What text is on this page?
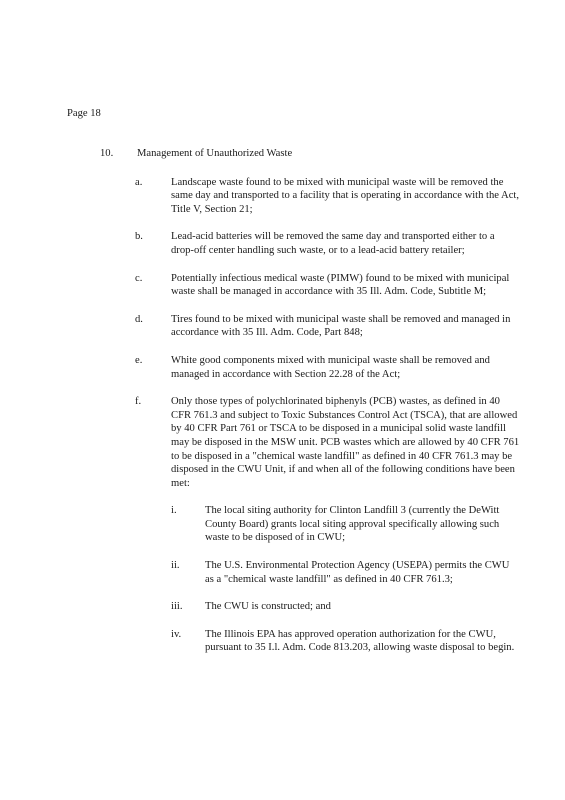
Page 18

10.	Management of Unauthorized Waste
a.	Landscape waste found to be mixed with municipal waste will be removed the same day and transported to a facility that is operating in accordance with the Act, Title V, Section 21;

b.	Lead-acid batteries will be removed the same day and transported either to a drop-off center handling such waste, or to a lead-acid battery retailer;

c.	Potentially infectious medical waste (PIMW) found to be mixed with municipal waste shall be managed in accordance with 35 Ill. Adm. Code, Subtitle M;

d.	Tires found to be mixed with municipal waste shall be removed and managed in accordance with 35 Ill. Adm. Code, Part 848;

e.	White good components mixed with municipal waste shall be removed and managed in accordance with Section 22.28 of the Act;

f.	Only those types of polychlorinated biphenyls (PCB) wastes, as defined in 40 CFR 761.3 and subject to Toxic Substances Control Act (TSCA), that are allowed by 40 CFR Part 761 or TSCA to be disposed in a municipal solid waste landfill may be disposed in the MSW unit. PCB wastes which are allowed by 40 CFR 761 to be disposed in a "chemical waste landfill" as defined in 40 CFR 761.3 may be disposed in the CWU Unit, if and when all of the following conditions have been met:

i.	The local siting authority for Clinton Landfill 3 (currently the DeWitt County Board) grants local siting approval specifically allowing such waste to be disposed of in CWU;

ii.	The U.S. Environmental Protection Agency (USEPA) permits the CWU as a "chemical waste landfill" as defined in 40 CFR 761.3;

iii.	The CWU is constructed; and

iv.	The Illinois EPA has approved operation authorization for the CWU, pursuant to 35 I.l. Adm. Code 813.203, allowing waste disposal to begin.
